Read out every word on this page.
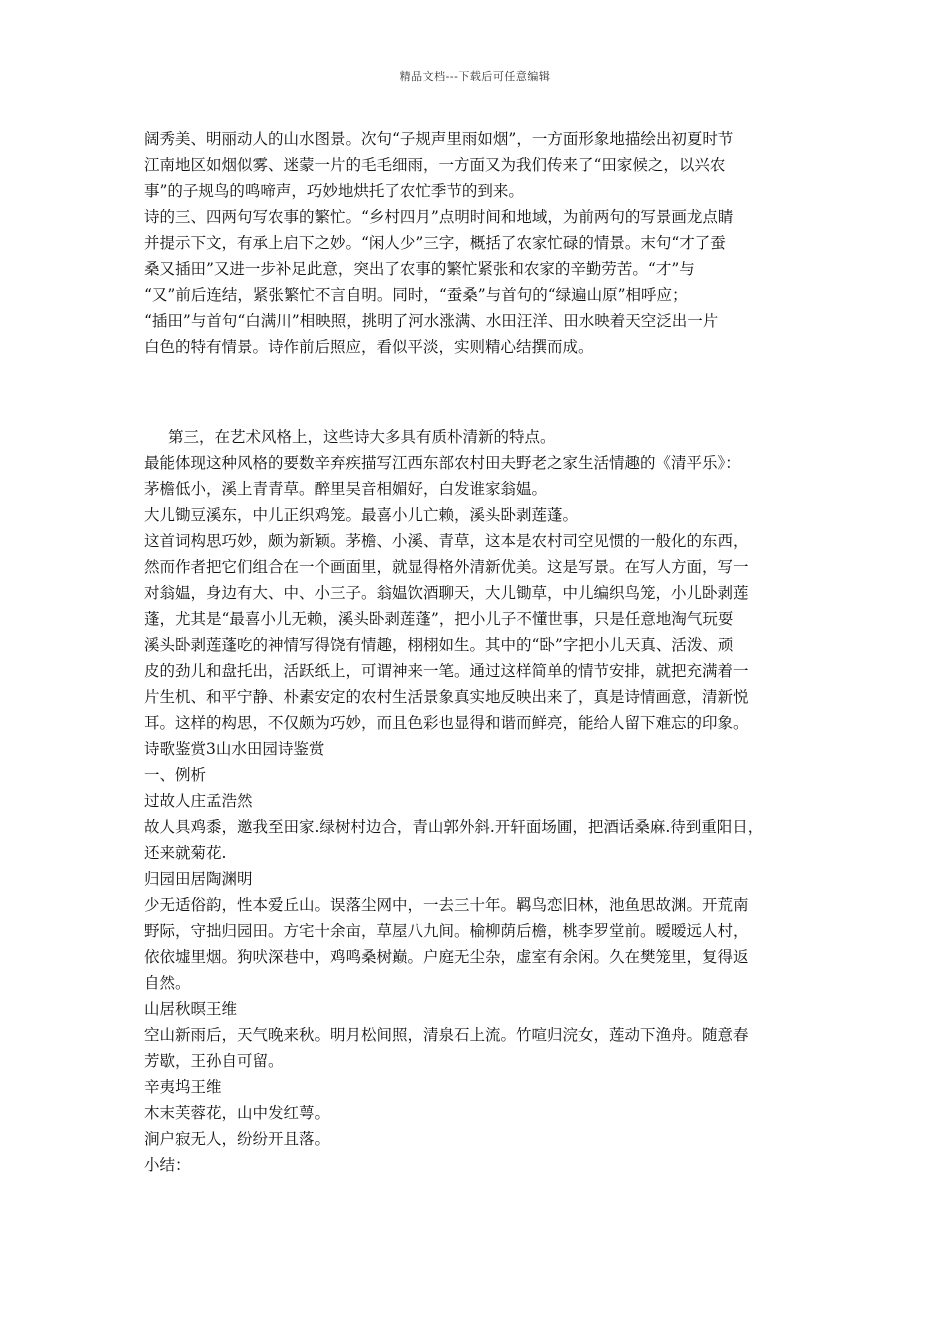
精品文档---下载后可任意编辑
阔秀美、明丽动人的山水图景。次句“子规声里雨如烟”，一方面形象地描绘出初夏时节
江南地区如烟似雾、迷蒙一片的毛毛细雨，一方面又为我们传来了“田家候之，以兴农
事”的子规鸟的鸣啼声，巧妙地烘托了农忙季节的到来。
诗的三、四两句写农事的繁忙。“乡村四月”点明时间和地域，为前两句的写景画龙点睛
并提示下文，有承上启下之妙。“闲人少”三字，概括了农家忙碌的情景。末句“才了蚕
桑又插田”又进一步补足此意，突出了农事的繁忙紧张和农家的辛勤劳苦。“才”与
“又”前后连结，紧张繁忙不言自明。同时，“蚕桑”与首句的“绿遍山原”相呼应；
“插田”与首句“白满川”相映照，挑明了河水涨满、水田汪洋、田水映着天空泛出一片
白色的特有情景。诗作前后照应，看似平淡，实则精心结撰而成。
第三，在艺术风格上，这些诗大多具有质朴清新的特点。
最能体现这种风格的要数辛弃疾描写江西东部农村田夫野老之家生活情趣的《清平乐》：
茅檐低小，溪上青青草。醉里吴音相媚好，白发谁家翁媪。
大儿锄豆溪东，中儿正织鸡笼。最喜小儿亡赖，溪头卧剥莲蓬。
这首词构思巧妙，颇为新颖。茅檐、小溪、青草，这本是农村司空见惯的一般化的东西，
然而作者把它们组合在一个画面里，就显得格外清新优美。这是写景。在写人方面，写一
对翁媪，身边有大、中、小三子。翁媪饮酒聊天，大儿锄草，中儿编织鸟笼，小儿卧剥莲
蓬，尤其是“最喜小儿无赖，溪头卧剥莲蓬”，把小儿子不懂世事，只是任意地淘气玩耍
溪头卧剥莲蓬吃的神情写得饶有情趣，栩栩如生。其中的“卧”字把小儿天真、活泼、顽
皮的劲儿和盘托出，活跃纸上，可谓神来一笔。通过这样简单的情节安排，就把充满着一
片生机、和平宁静、朴素安定的农村生活景象真实地反映出来了，真是诗情画意，清新悦
耳。这样的构思，不仅颇为巧妙，而且色彩也显得和谐而鲜亮，能给人留下难忘的印象。
诗歌鉴赏3山水田园诗鉴赏
一、例析
过故人庄孟浩然
故人具鸡黍，邀我至田家.绿树村边合，青山郭外斜.开轩面场圃，把酒话桑麻.待到重阳日，
还来就菊花.
归园田居陶渊明
少无适俗韵，性本爱丘山。误落尘网中，一去三十年。羁鸟恋旧林，池鱼思故渊。开荒南
野际，守拙归园田。方宅十余亩，草屋八九间。榆柳荫后檐，桃李罗堂前。暧暧远人村，
依依墟里烟。狗吠深巷中，鸡鸣桑树巅。户庭无尘杂，虚室有余闲。久在樊笼里，复得返
自然。
山居秋暝王维
空山新雨后，天气晚来秋。明月松间照，清泉石上流。竹喧归浣女，莲动下渔舟。随意春
芳歇，王孙自可留。
辛夷坞王维
木末芙蓉花，山中发红萼。
涧户寂无人，纷纷开且落。
小结：
